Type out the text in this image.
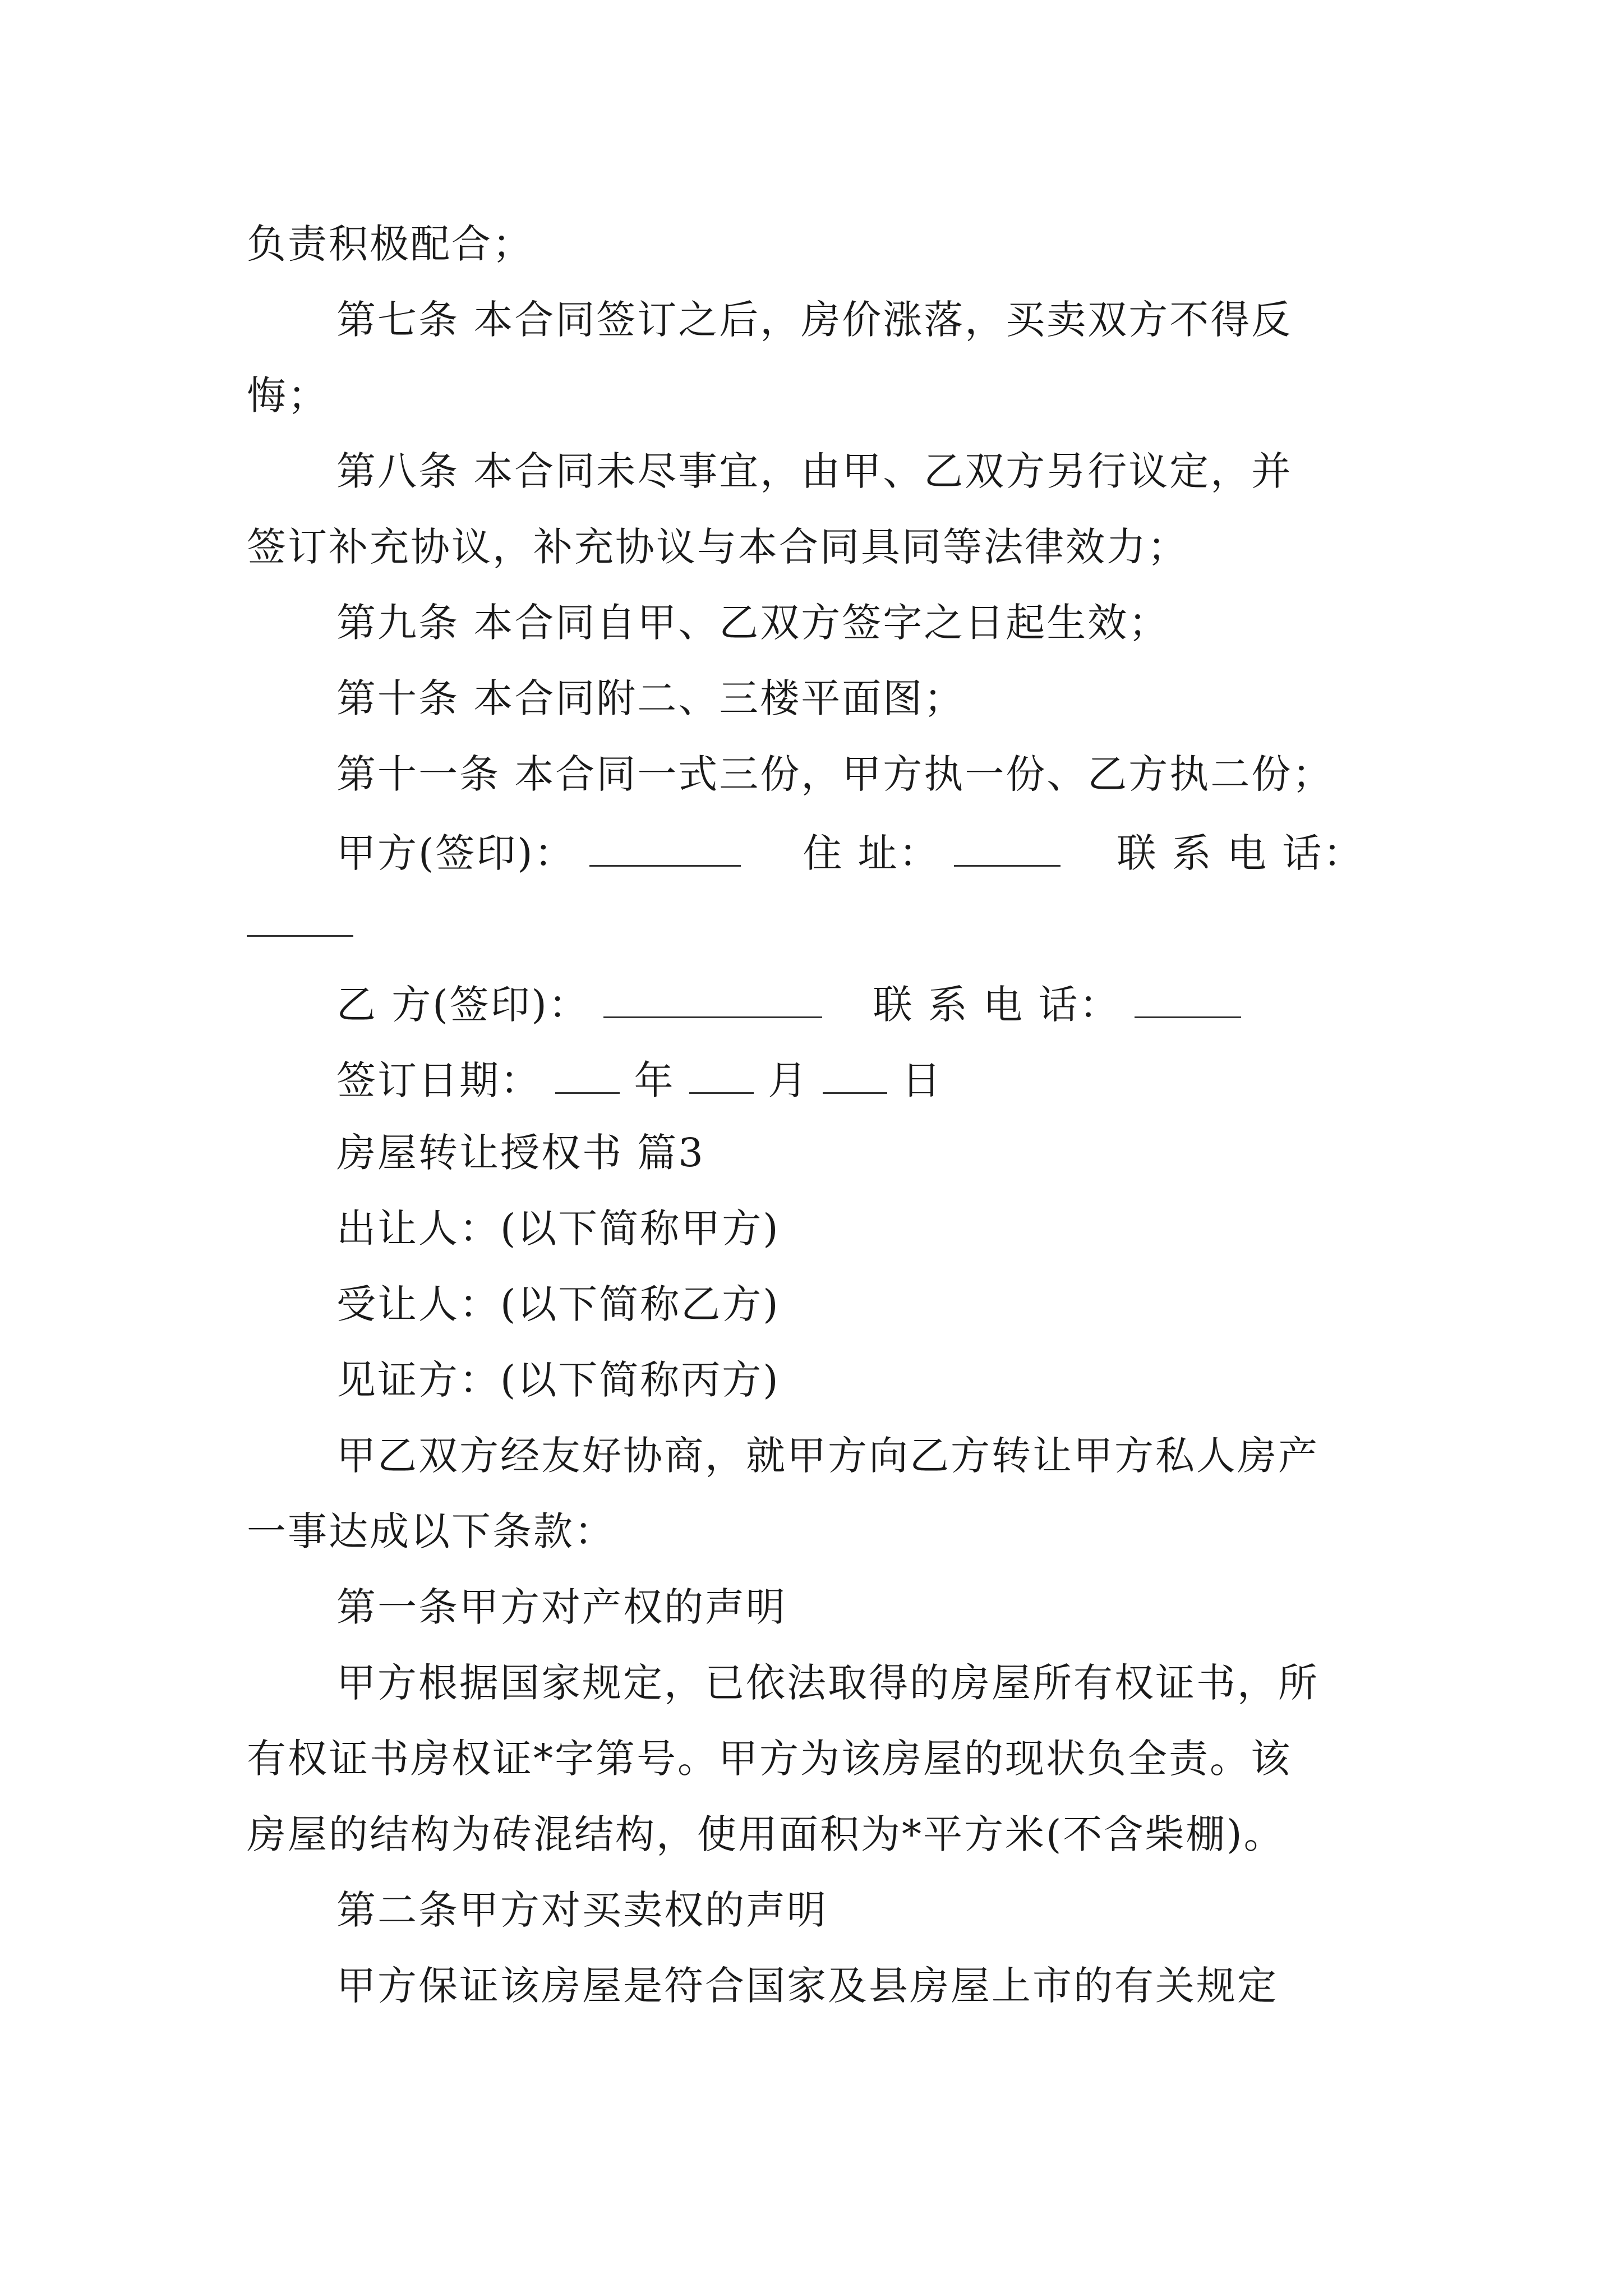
负责积极配合；
第七条 本合同签订之后，房价涨落，买卖双方不得反
悔；
第八条 本合同未尽事宜，由甲、乙双方另行议定，并
签订补充协议，补充协议与本合同具同等法律效力；
第九条 本合同自甲、乙双方签字之日起生效；
第十条 本合同附二、三楼平面图；
第十一条 本合同一式三份，甲方执一份、乙方执二份；
甲方(签印)：	住 址：	联 系 电 话：
乙 方(签印)：	联 系 电 话：
签订日期： 年 月 日
房屋转让授权书 篇3
出让人：(以下简称甲方)
受让人：(以下简称乙方)
见证方：(以下简称丙方)
甲乙双方经友好协商，就甲方向乙方转让甲方私人房产
一事达成以下条款：
第一条甲方对产权的声明
甲方根据国家规定，已依法取得的房屋所有权证书，所
有权证书房权证*字第号。甲方为该房屋的现状负全责。该
房屋的结构为砖混结构，使用面积为*平方米(不含柴棚)。
第二条甲方对买卖权的声明
甲方保证该房屋是符合国家及县房屋上市的有关规定
